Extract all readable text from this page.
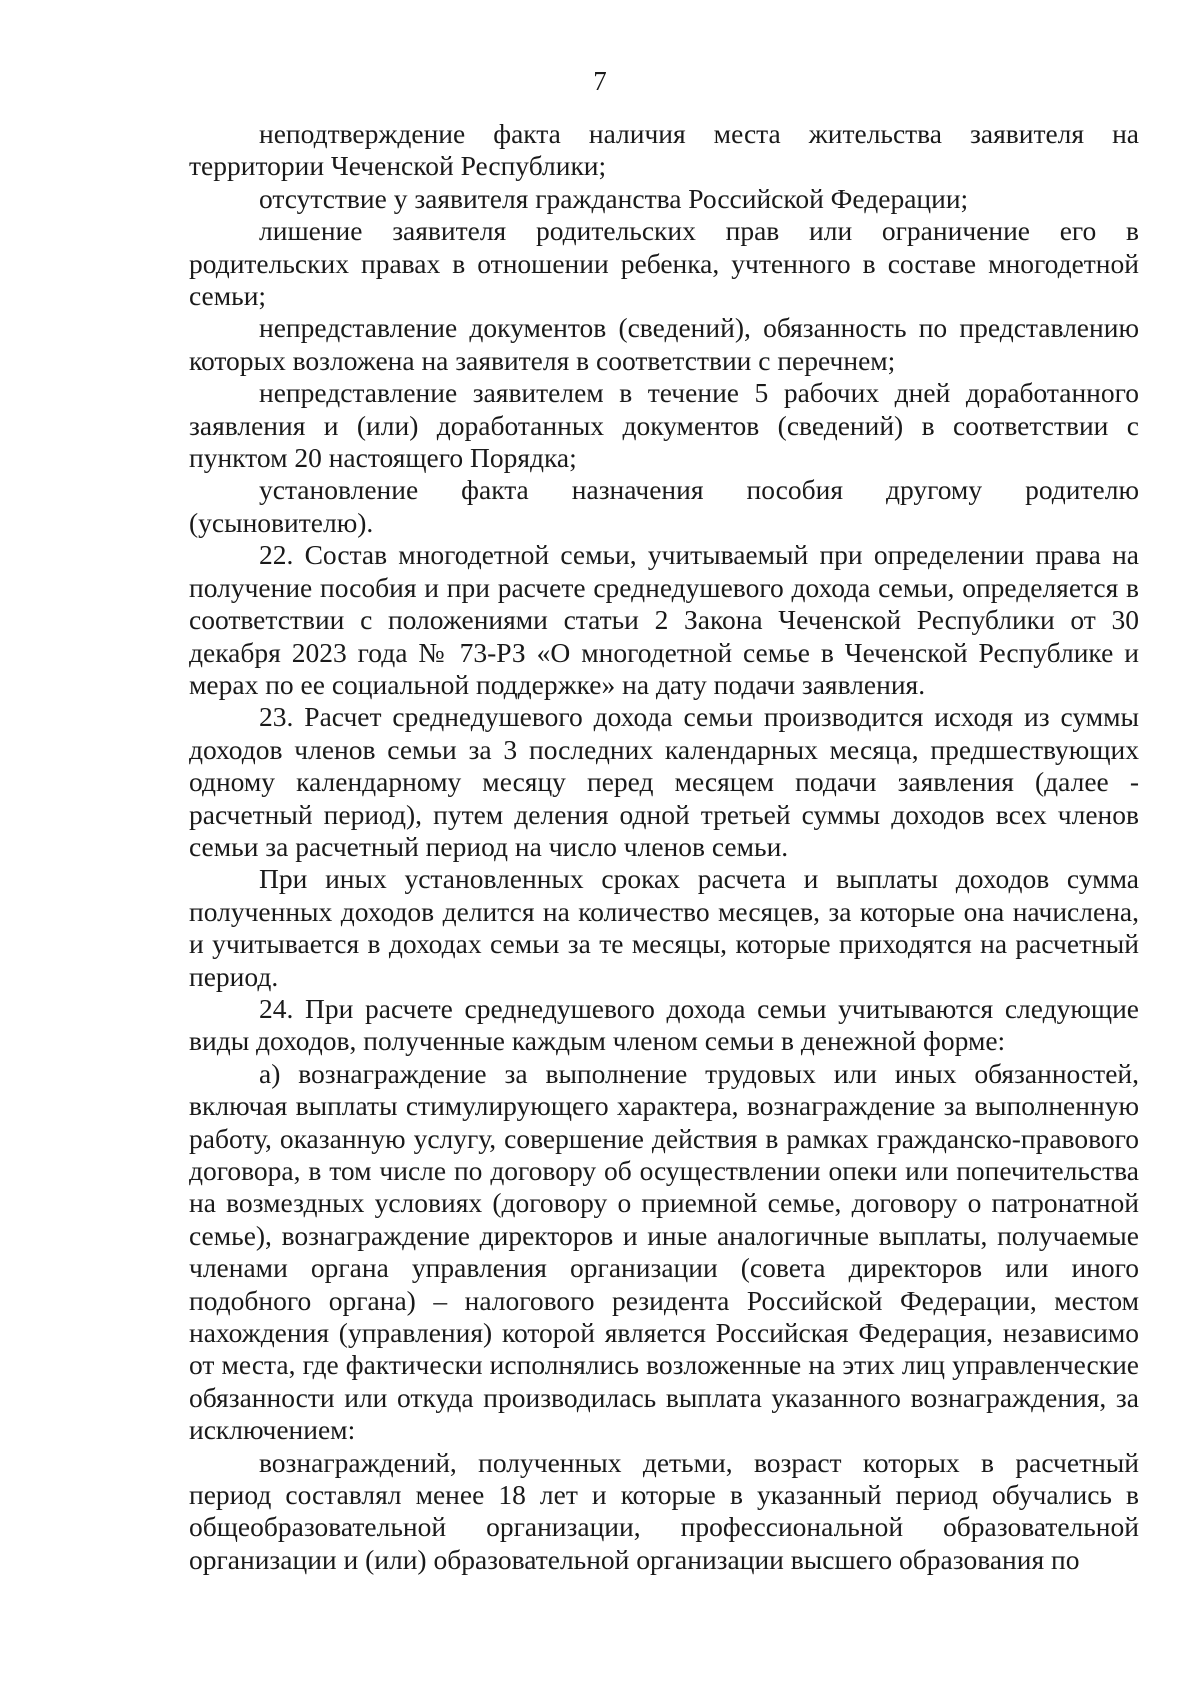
7

неподтверждение факта наличия места жительства заявителя на территории Чеченской Республики;

отсутствие у заявителя гражданства Российской Федерации;

лишение заявителя родительских прав или ограничение его в родительских правах в отношении ребенка, учтенного в составе многодетной семьи;

непредставление документов (сведений), обязанность по представлению которых возложена на заявителя в соответствии с перечнем;

непредставление заявителем в течение 5 рабочих дней доработанного заявления и (или) доработанных документов (сведений) в соответствии с пунктом 20 настоящего Порядка;

установление факта назначения пособия другому родителю (усыновителю).

22. Состав многодетной семьи, учитываемый при определении права на получение пособия и при расчете среднедушевого дохода семьи, определяется в соответствии с положениями статьи 2 Закона Чеченской Республики от 30 декабря 2023 года № 73-РЗ «О многодетной семье в Чеченской Республике и мерах по ее социальной поддержке» на дату подачи заявления.

23. Расчет среднедушевого дохода семьи производится исходя из суммы доходов членов семьи за 3 последних календарных месяца, предшествующих одному календарному месяцу перед месяцем подачи заявления (далее - расчетный период), путем деления одной третьей суммы доходов всех членов семьи за расчетный период на число членов семьи.

При иных установленных сроках расчета и выплаты доходов сумма полученных доходов делится на количество месяцев, за которые она начислена, и учитывается в доходах семьи за те месяцы, которые приходятся на расчетный период.

24. При расчете среднедушевого дохода семьи учитываются следующие виды доходов, полученные каждым членом семьи в денежной форме:

а) вознаграждение за выполнение трудовых или иных обязанностей, включая выплаты стимулирующего характера, вознаграждение за выполненную работу, оказанную услугу, совершение действия в рамках гражданско-правового договора, в том числе по договору об осуществлении опеки или попечительства на возмездных условиях (договору о приемной семье, договору о патронатной семье), вознаграждение директоров и иные аналогичные выплаты, получаемые членами органа управления организации (совета директоров или иного подобного органа) – налогового резидента Российской Федерации, местом нахождения (управления) которой является Российская Федерация, независимо от места, где фактически исполнялись возложенные на этих лиц управленческие обязанности или откуда производилась выплата указанного вознаграждения, за исключением:

вознаграждений, полученных детьми, возраст которых в расчетный период составлял менее 18 лет и которые в указанный период обучались в общеобразовательной организации, профессиональной образовательной организации и (или) образовательной организации высшего образования по
